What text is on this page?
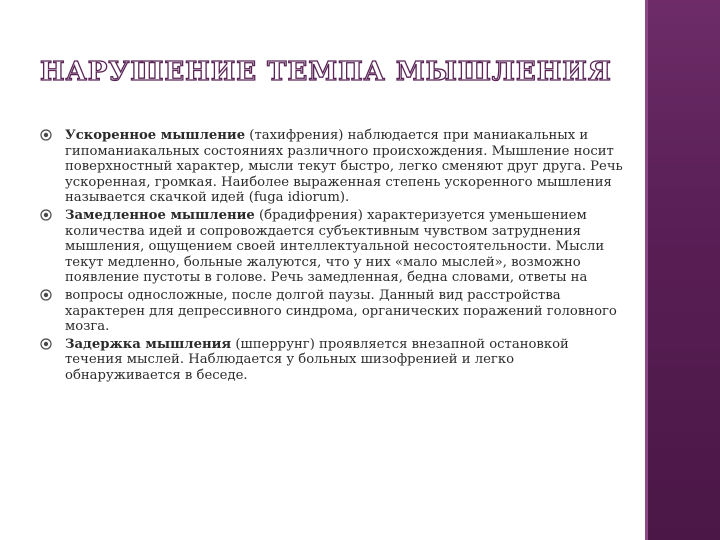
НАРУШЕНИЕ ТЕМПА МЫШЛЕНИЯ
Ускоренное мышление (тахифрения) наблюдается при маниакальных и гипоманиакальных состояниях различного происхождения. Мышление носит поверхностный характер, мысли текут быстро, легко сменяют друг друга. Речь ускоренная, громкая. Наиболее выраженная степень ускоренного мышления называется скачкой идей (fuga idiorum).
Замедленное мышление (брадифрения) характеризуется уменьшением количества идей и сопровождается субъективным чувством затруднения мышления, ощущением своей интеллектуальной несостоятельности. Мысли текут медленно, больные жалуются, что у них «мало мыслей», возможно появление пустоты в голове. Речь замедленная, бедна словами, ответы на
вопросы односложные, после долгой паузы. Данный вид расстройства характерен для депрессивного синдрома, органических поражений головного мозга.
Задержка мышления (шперрунг) проявляется внезапной остановкой течения мыслей. Наблюдается у больных шизофренией и легко обнаруживается в беседе.
